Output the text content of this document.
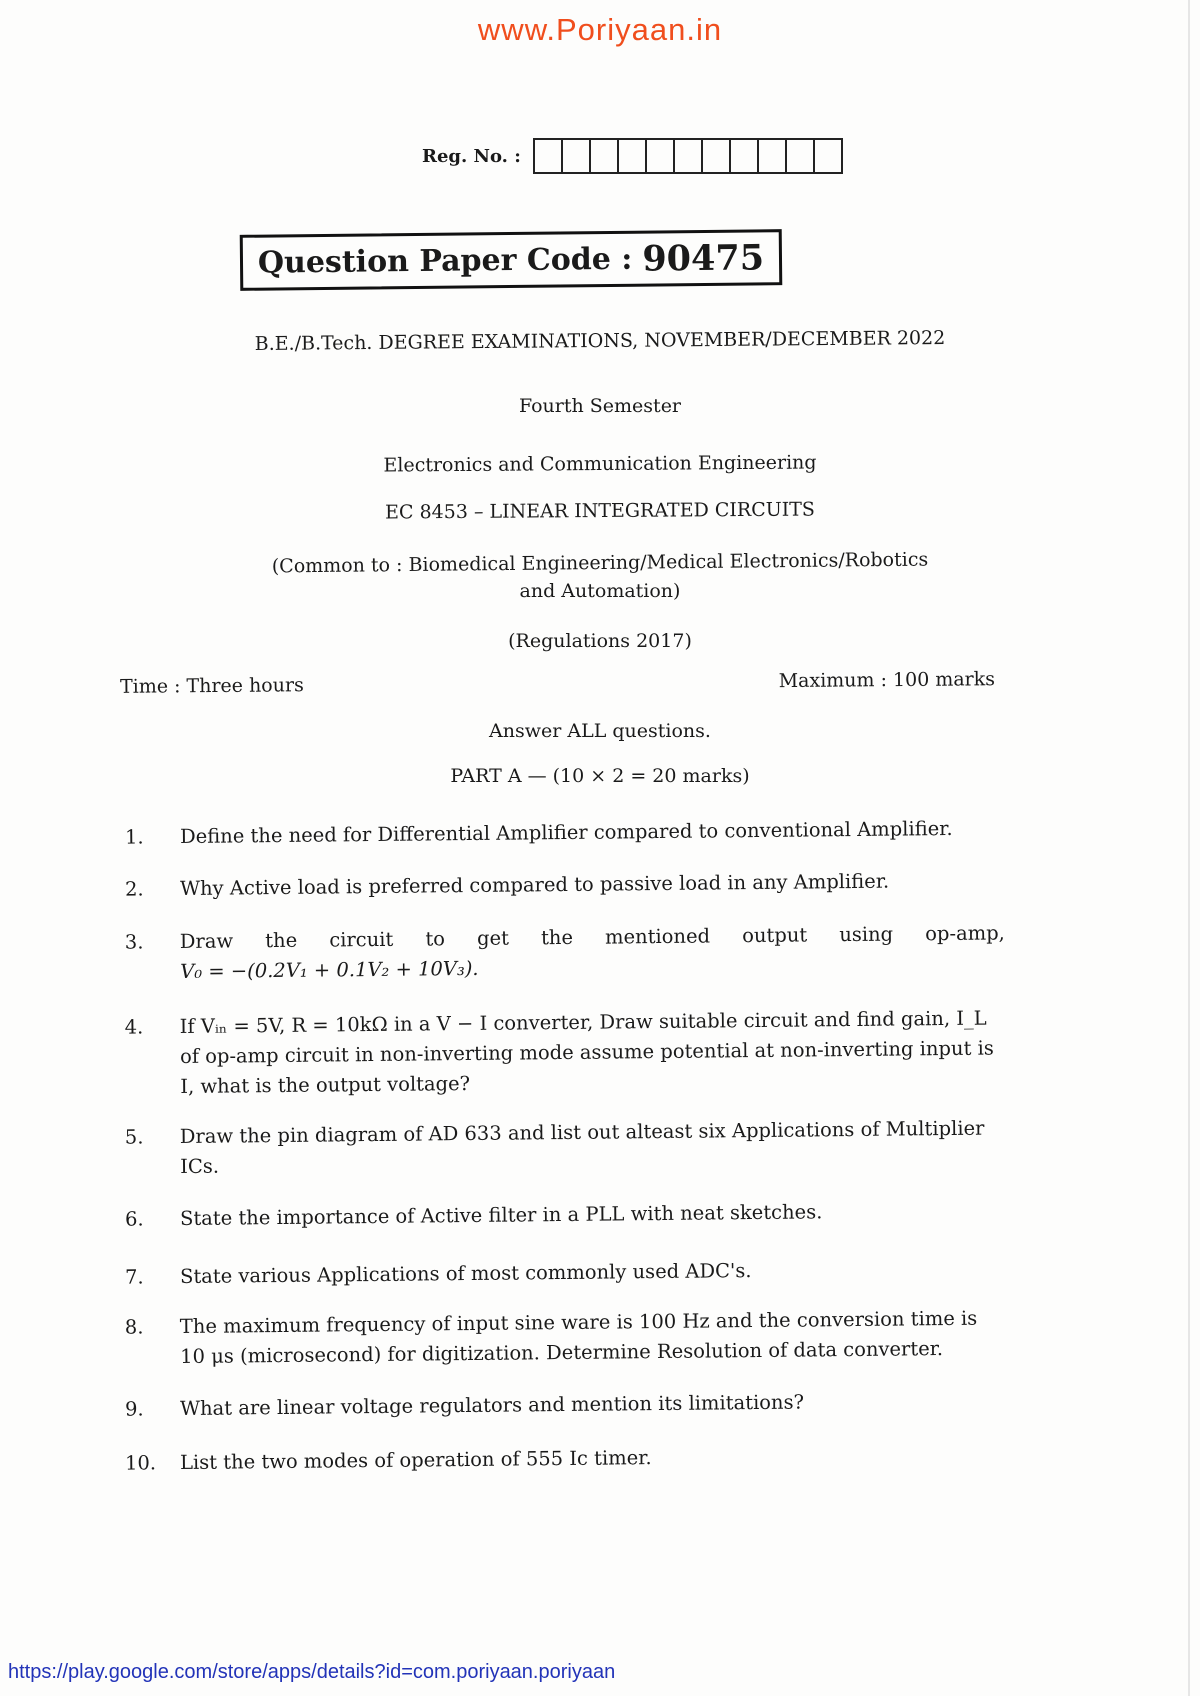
www.Poriyaan.in
Reg. No. :
Question Paper Code : 90475
B.E./B.Tech. DEGREE EXAMINATIONS, NOVEMBER/DECEMBER 2022
Fourth Semester
Electronics and Communication Engineering
EC 8453 – LINEAR INTEGRATED CIRCUITS
(Common to : Biomedical Engineering/Medical Electronics/Robotics
and Automation)
(Regulations 2017)
Time : Three hours	Maximum : 100 marks
Answer ALL questions.
PART A — (10 × 2 = 20 marks)
1.	Define the need for Differential Amplifier compared to conventional Amplifier.
2.	Why Active load is preferred compared to passive load in any Amplifier.
3.	Draw the circuit to get the mentioned output using op-amp,
V₀ = −(0.2V₁ + 0.1V₂ + 10V₃).
4.	If Vᵢₙ = 5V, R = 10kΩ in a V − I converter, Draw suitable circuit and find gain, I_L of op-amp circuit in non-inverting mode assume potential at non-inverting input is I, what is the output voltage?
5.	Draw the pin diagram of AD 633 and list out alteast six Applications of Multiplier ICs.
6.	State the importance of Active filter in a PLL with neat sketches.
7.	State various Applications of most commonly used ADC's.
8.	The maximum frequency of input sine ware is 100 Hz and the conversion time is 10 μs (microsecond) for digitization. Determine Resolution of data converter.
9.	What are linear voltage regulators and mention its limitations?
10.	List the two modes of operation of 555 Ic timer.
https://play.google.com/store/apps/details?id=com.poriyaan.poriyaan
